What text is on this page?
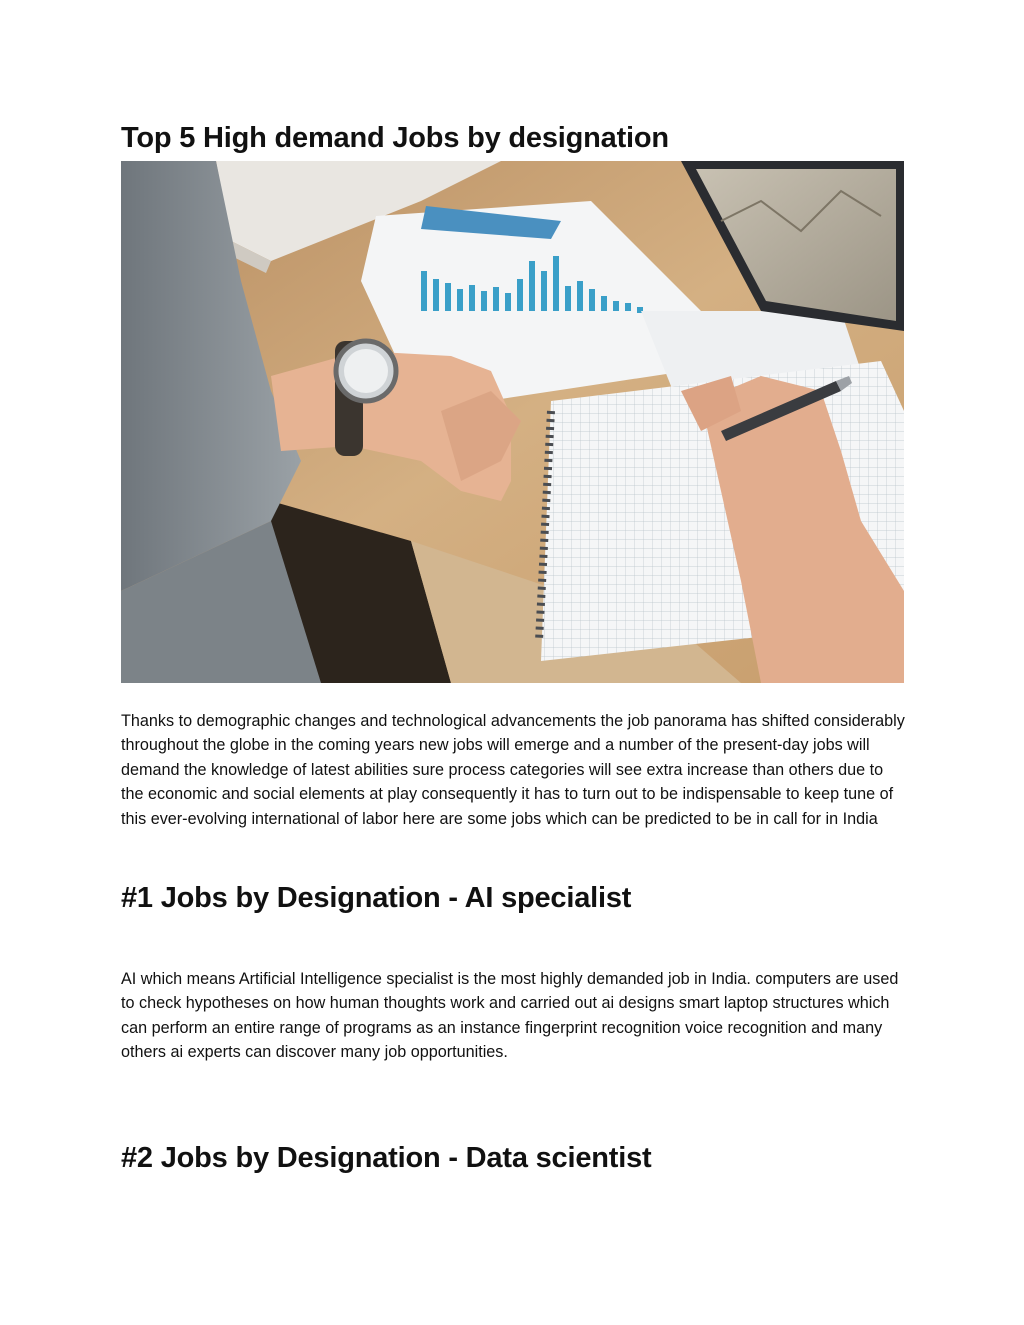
Top 5 High demand Jobs by designation

Thanks to demographic changes and technological advancements the job panorama has shifted considerably throughout the globe in the coming years new jobs will emerge and a number of the present-day jobs will demand the knowledge of latest abilities sure process categories will see extra increase than others due to the economic and social elements at play consequently it has to turn out to be indispensable to keep tune of this ever-evolving international of labor here are some jobs which can be predicted to be in call for in India

#1 Jobs by Designation - AI specialist

AI which means Artificial Intelligence specialist is the most highly demanded job in India. computers are used to check hypotheses on how human thoughts work and carried out ai designs smart laptop structures which can perform an entire range of programs as an instance fingerprint recognition voice recognition and many others ai experts can discover many job opportunities.

#2 Jobs by Designation - Data scientist
